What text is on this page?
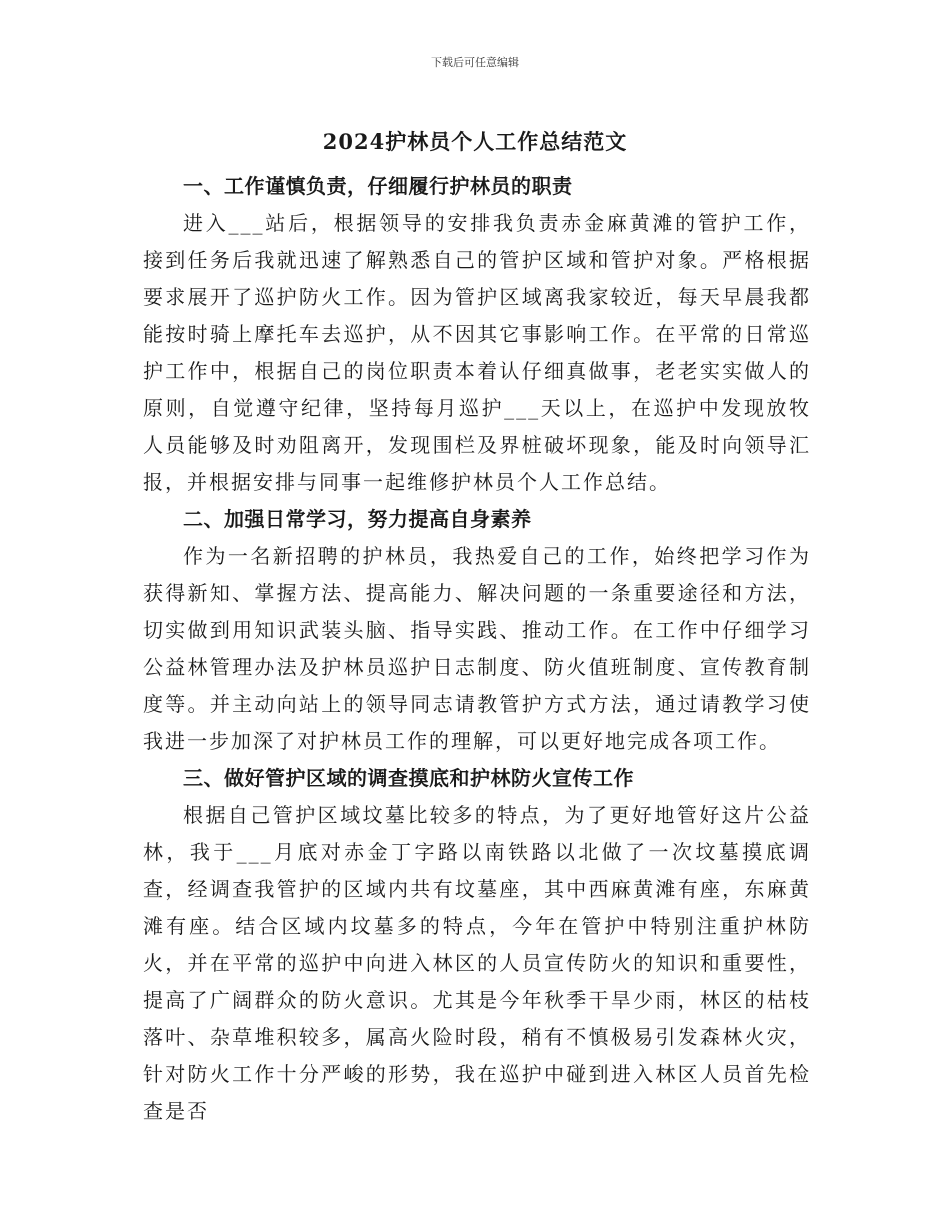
下载后可任意编辑
2024护林员个人工作总结范文

一、工作谨慎负责，仔细履行护林员的职责

进入___站后，根据领导的安排我负责赤金麻黄滩的管护工作，接到任务后我就迅速了解熟悉自己的管护区域和管护对象。严格根据要求展开了巡护防火工作。因为管护区域离我家较近，每天早晨我都能按时骑上摩托车去巡护，从不因其它事影响工作。在平常的日常巡护工作中，根据自己的岗位职责本着认仔细真做事，老老实实做人的原则，自觉遵守纪律，坚持每月巡护___天以上，在巡护中发现放牧人员能够及时劝阻离开，发现围栏及界桩破坏现象，能及时向领导汇报，并根据安排与同事一起维修护林员个人工作总结。

二、加强日常学习，努力提高自身素养

作为一名新招聘的护林员，我热爱自己的工作，始终把学习作为获得新知、掌握方法、提高能力、解决问题的一条重要途径和方法，切实做到用知识武装头脑、指导实践、推动工作。在工作中仔细学习公益林管理办法及护林员巡护日志制度、防火值班制度、宣传教育制度等。并主动向站上的领导同志请教管护方式方法，通过请教学习使我进一步加深了对护林员工作的理解，可以更好地完成各项工作。

三、做好管护区域的调查摸底和护林防火宣传工作

根据自己管护区域坟墓比较多的特点，为了更好地管好这片公益林，我于___月底对赤金丁字路以南铁路以北做了一次坟墓摸底调查，经调查我管护的区域内共有坟墓座，其中西麻黄滩有座，东麻黄滩有座。结合区域内坟墓多的特点，今年在管护中特别注重护林防火，并在平常的巡护中向进入林区的人员宣传防火的知识和重要性，提高了广阔群众的防火意识。尤其是今年秋季干旱少雨，林区的枯枝落叶、杂草堆积较多，属高火险时段，稍有不慎极易引发森林火灾，针对防火工作十分严峻的形势，我在巡护中碰到进入林区人员首先检查是否
